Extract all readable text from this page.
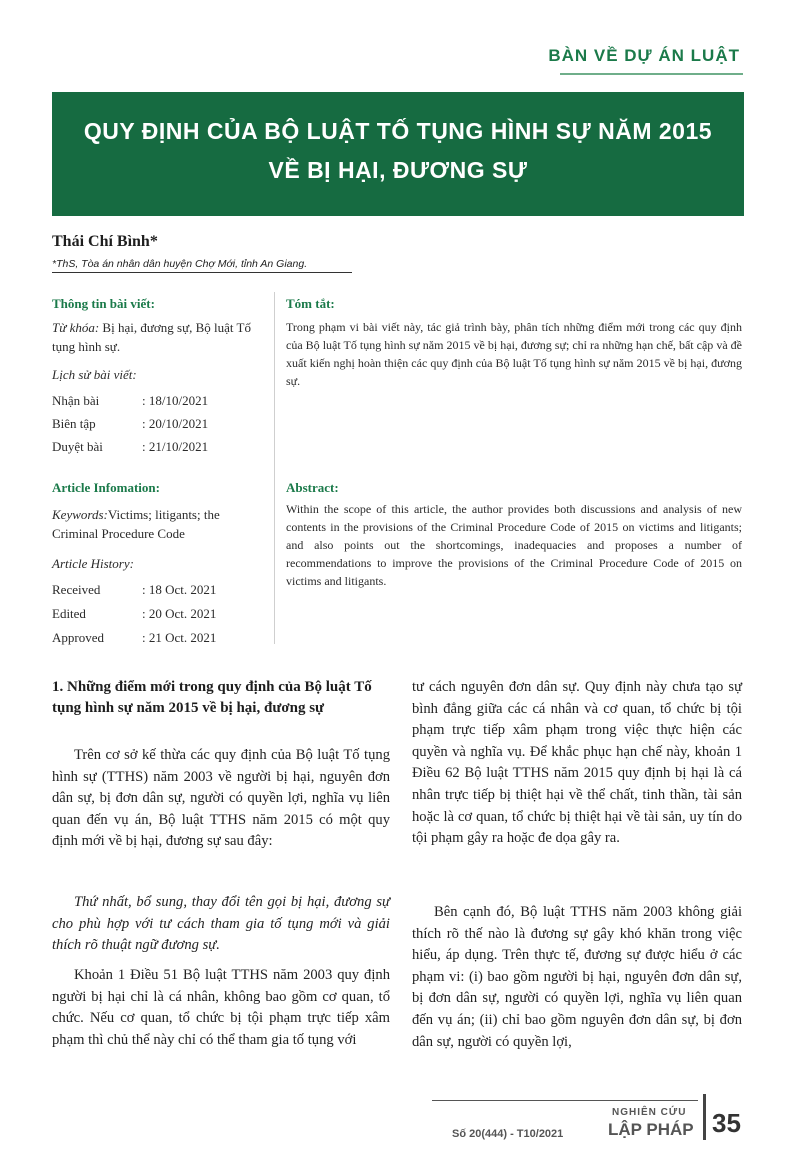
BÀN VỀ DỰ ÁN LUẬT
QUY ĐỊNH CỦA BỘ LUẬT TỐ TỤNG HÌNH SỰ NĂM 2015
VỀ BỊ HẠI, ĐƯƠNG SỰ
Thái Chí Bình*
*ThS, Tòa án nhân dân huyện Chợ Mới, tỉnh An Giang.
Thông tin bài viết:
Từ khóa: Bị hại, đương sự, Bộ luật Tố tụng hình sự.
Lịch sử bài viết:
Nhận bài	: 18/10/2021
Biên tập	: 20/10/2021
Duyệt bài	: 21/10/2021
Tóm tắt:
Trong phạm vi bài viết này, tác giả trình bày, phân tích những điểm mới trong các quy định của Bộ luật Tố tụng hình sự năm 2015 về bị hại, đương sự; chỉ ra những hạn chế, bất cập và đề xuất kiến nghị hoàn thiện các quy định của Bộ luật Tố tụng hình sự năm 2015 về bị hại, đương sự.
Article Infomation:
Keywords:Victims; litigants; the Criminal Procedure Code
Article History:
Received	: 18 Oct. 2021
Edited	: 20 Oct. 2021
Approved	: 21 Oct. 2021
Abstract:
Within the scope of this article, the author provides both discussions and analysis of new contents in the provisions of the Criminal Procedure Code of 2015 on victims and litigants; and also points out the shortcomings, inadequacies and proposes a number of recommendations to improve the provisions of the Criminal Procedure Code of 2015 on victims and litigants.
1. Những điểm mới trong quy định của Bộ luật Tố tụng hình sự năm 2015 về bị hại, đương sự
Trên cơ sở kế thừa các quy định của Bộ luật Tố tụng hình sự (TTHS) năm 2003 về người bị hại, nguyên đơn dân sự, bị đơn dân sự, người có quyền lợi, nghĩa vụ liên quan đến vụ án, Bộ luật TTHS năm 2015 có một quy định mới về bị hại, đương sự sau đây:
Thứ nhất, bổ sung, thay đổi tên gọi bị hại, đương sự cho phù hợp với tư cách tham gia tố tụng mới và giải thích rõ thuật ngữ đương sự.
Khoản 1 Điều 51 Bộ luật TTHS năm 2003 quy định người bị hại chỉ là cá nhân, không bao gồm cơ quan, tổ chức. Nếu cơ quan, tổ chức bị tội phạm trực tiếp xâm phạm thì chủ thể này chỉ có thể tham gia tố tụng với
tư cách nguyên đơn dân sự. Quy định này chưa tạo sự bình đẳng giữa các cá nhân và cơ quan, tổ chức bị tội phạm trực tiếp xâm phạm trong việc thực hiện các quyền và nghĩa vụ. Để khắc phục hạn chế này, khoản 1 Điều 62 Bộ luật TTHS năm 2015 quy định bị hại là cá nhân trực tiếp bị thiệt hại về thể chất, tinh thần, tài sản hoặc là cơ quan, tổ chức bị thiệt hại về tài sản, uy tín do tội phạm gây ra hoặc đe dọa gây ra.
Bên cạnh đó, Bộ luật TTHS năm 2003 không giải thích rõ thế nào là đương sự gây khó khăn trong việc hiểu, áp dụng. Trên thực tế, đương sự được hiểu ở các phạm vi: (i) bao gồm người bị hại, nguyên đơn dân sự, bị đơn dân sự, người có quyền lợi, nghĩa vụ liên quan đến vụ án; (ii) chỉ bao gồm nguyên đơn dân sự, bị đơn dân sự, người có quyền lợi,
Số 20(444) - T10/2021
NGHIÊN CỨU
LẬP PHÁP 35
